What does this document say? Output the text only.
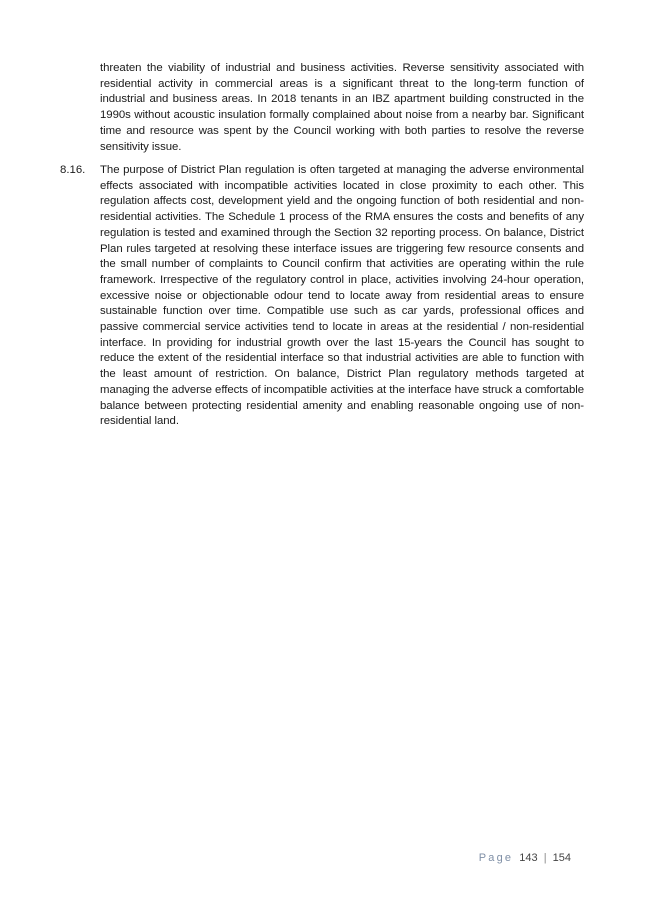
threaten the viability of industrial and business activities. Reverse sensitivity associated with residential activity in commercial areas is a significant threat to the long-term function of industrial and business areas. In 2018 tenants in an IBZ apartment building constructed in the 1990s without acoustic insulation formally complained about noise from a nearby bar. Significant time and resource was spent by the Council working with both parties to resolve the reverse sensitivity issue.

8.16. The purpose of District Plan regulation is often targeted at managing the adverse environmental effects associated with incompatible activities located in close proximity to each other. This regulation affects cost, development yield and the ongoing function of both residential and non-residential activities. The Schedule 1 process of the RMA ensures the costs and benefits of any regulation is tested and examined through the Section 32 reporting process. On balance, District Plan rules targeted at resolving these interface issues are triggering few resource consents and the small number of complaints to Council confirm that activities are operating within the rule framework. Irrespective of the regulatory control in place, activities involving 24-hour operation, excessive noise or objectionable odour tend to locate away from residential areas to ensure sustainable function over time. Compatible use such as car yards, professional offices and passive commercial service activities tend to locate in areas at the residential / non-residential interface. In providing for industrial growth over the last 15-years the Council has sought to reduce the extent of the residential interface so that industrial activities are able to function with the least amount of restriction. On balance, District Plan regulatory methods targeted at managing the adverse effects of incompatible activities at the interface have struck a comfortable balance between protecting residential amenity and enabling reasonable ongoing use of non-residential land.

Page 143 | 154
